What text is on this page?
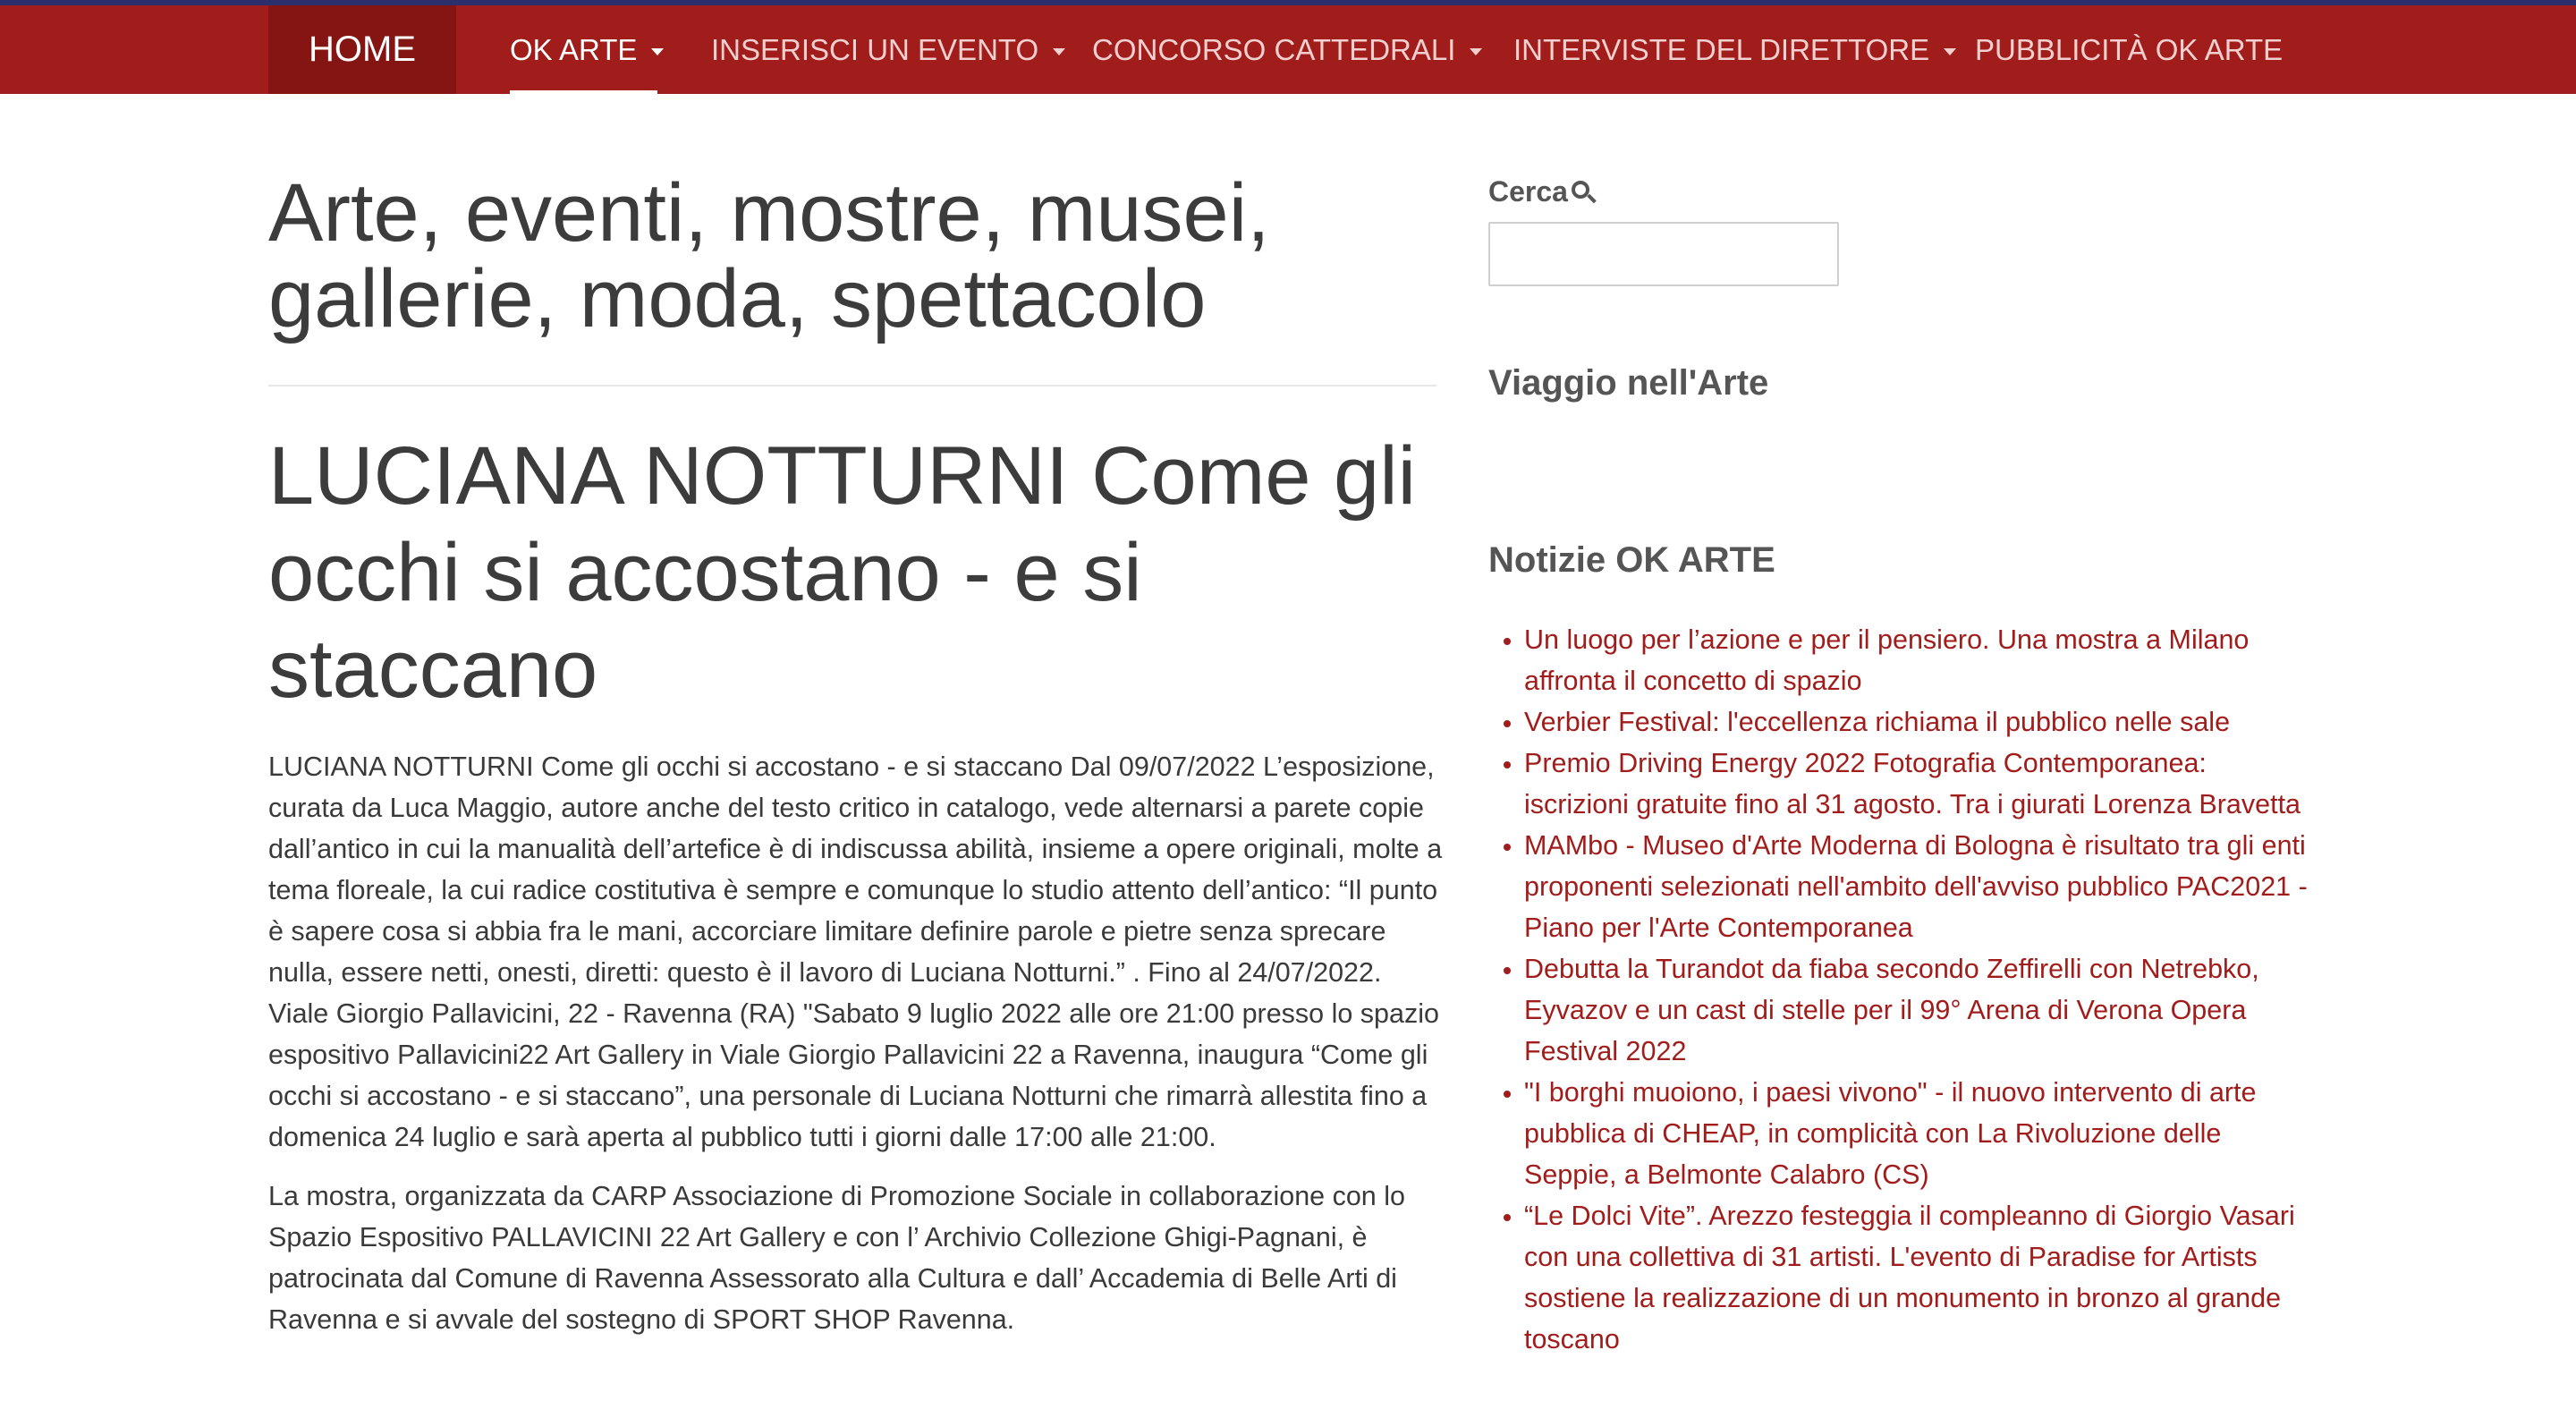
HOME	OK ARTE	INSERISCI UN EVENTO CONCORSO CATTEDRALI INTERVISTE DEL DIRETTORE PUBBLICITÀ OK ARTE
Arte, eventi, mostre, musei, gallerie, moda, spettacolo
LUCIANA NOTTURNI Come gli occhi si accostano - e si staccano

LUCIANA NOTTURNI Come gli occhi si accostano - e si staccano Dal 09/07/2022 L’esposizione, curata da Luca Maggio, autore anche del testo critico in catalogo, vede alternarsi a parete copie dall’antico in cui la manualità dell’artefice è di indiscussa abilità, insieme a opere originali, molte a tema floreale, la cui radice costitutiva è sempre e comunque lo studio attento dell’antico: “Il punto è sapere cosa si abbia fra le mani, accorciare limitare definire parole e pietre senza sprecare nulla, essere netti, onesti, diretti: questo è il lavoro di Luciana Notturni.” . Fino al 24/07/2022. Viale Giorgio Pallavicini, 22 - Ravenna (RA) "Sabato 9 luglio 2022 alle ore 21:00 presso lo spazio espositivo Pallavicini22 Art Gallery in Viale Giorgio Pallavicini 22 a Ravenna, inaugura “Come gli occhi si accostano - e si staccano”, una personale di Luciana Notturni che rimarrà allestita fino a domenica 24 luglio e sarà aperta al pubblico tutti i giorni dalle 17:00 alle 21:00.

La mostra, organizzata da CARP Associazione di Promozione Sociale in collaborazione con lo Spazio Espositivo PALLAVICINI 22 Art Gallery e con l’ Archivio Collezione Ghigi-Pagnani, è patrocinata dal Comune di Ravenna Assessorato alla Cultura e dall’ Accademia di Belle Arti di Ravenna e si avvale del sostegno di SPORT SHOP Ravenna.

Cerca
Viaggio nell'Arte
Notizie OK ARTE
• Un luogo per l’azione e per il pensiero. Una mostra a Milano affronta il concetto di spazio
• Verbier Festival: l'eccellenza richiama il pubblico nelle sale
• Premio Driving Energy 2022 Fotografia Contemporanea: iscrizioni gratuite fino al 31 agosto. Tra i giurati Lorenza Bravetta
• MAMbo - Museo d'Arte Moderna di Bologna è risultato tra gli enti proponenti selezionati nell'ambito dell'avviso pubblico PAC2021 - Piano per l'Arte Contemporanea
• Debutta la Turandot da fiaba secondo Zeffirelli con Netrebko, Eyvazov e un cast di stelle per il 99° Arena di Verona Opera Festival 2022
• "I borghi muoiono, i paesi vivono" - il nuovo intervento di arte pubblica di CHEAP, in complicità con La Rivoluzione delle Seppie, a Belmonte Calabro (CS)
• “Le Dolci Vite”. Arezzo festeggia il compleanno di Giorgio Vasari con una collettiva di 31 artisti. L'evento di Paradise for Artists sostiene la realizzazione di un monumento in bronzo al grande toscano
